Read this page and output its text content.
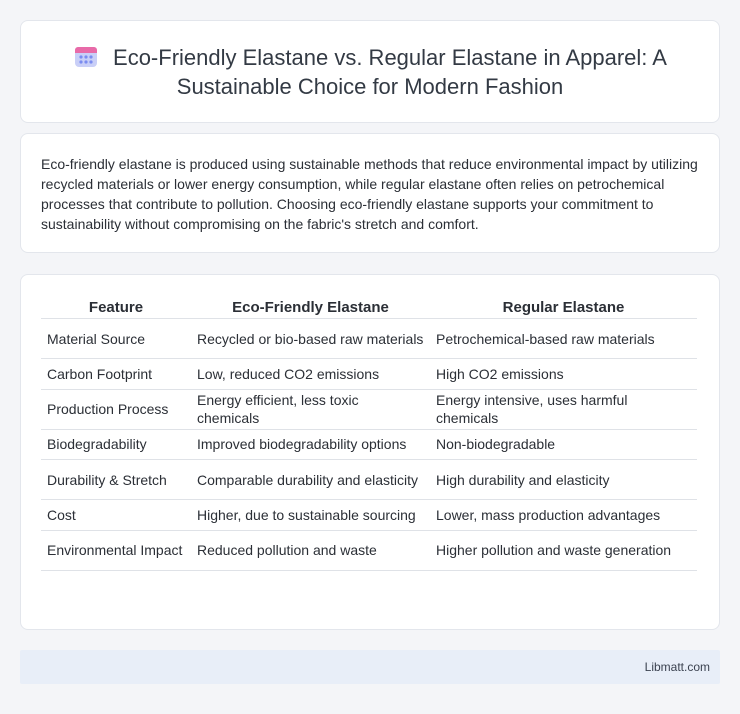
Eco-Friendly Elastane vs. Regular Elastane in Apparel: A Sustainable Choice for Modern Fashion

Eco-friendly elastane is produced using sustainable methods that reduce environmental impact by utilizing recycled materials or lower energy consumption, while regular elastane often relies on petrochemical processes that contribute to pollution. Choosing eco-friendly elastane supports your commitment to sustainability without compromising on the fabric's stretch and comfort.

Feature	Eco-Friendly Elastane	Regular Elastane
Material Source	Recycled or bio-based raw materials	Petrochemical-based raw materials
Carbon Footprint	Low, reduced CO2 emissions	High CO2 emissions
Production Process	Energy efficient, less toxic chemicals	Energy intensive, uses harmful chemicals
Biodegradability	Improved biodegradability options	Non-biodegradable
Durability & Stretch	Comparable durability and elasticity	High durability and elasticity
Cost	Higher, due to sustainable sourcing	Lower, mass production advantages
Environmental Impact	Reduced pollution and waste	Higher pollution and waste generation
Libmatt.com
